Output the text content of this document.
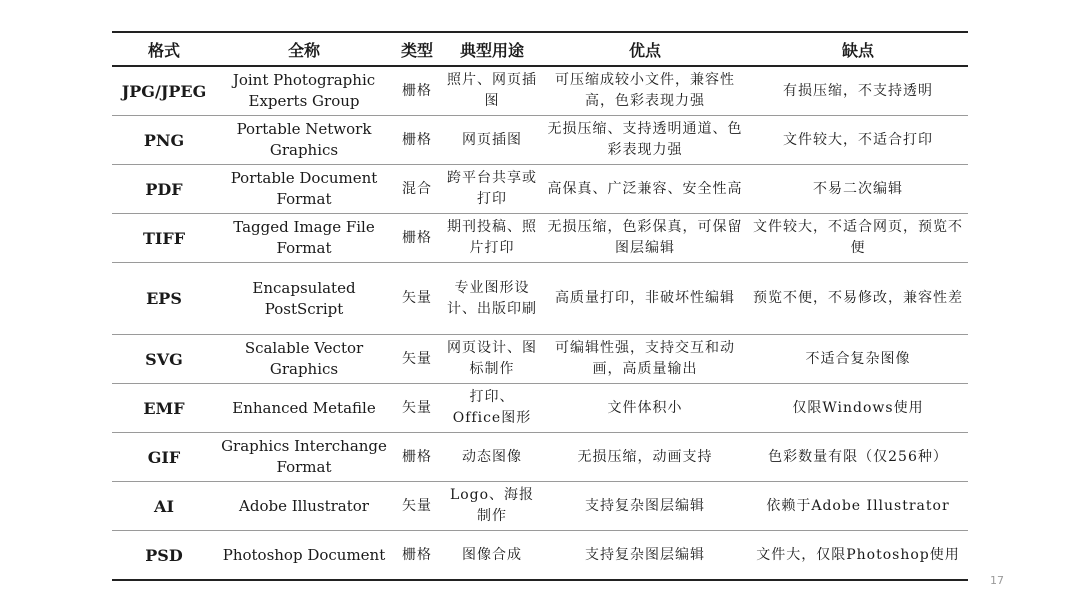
格式	全称	类型	典型用途	优点	缺点
JPG/JPEG	Joint Photographic Experts Group	栅格	照片、网页插图	可压缩成较小文件，兼容性高，色彩表现力强	有损压缩，不支持透明
PNG	Portable Network Graphics	栅格	网页插图	无损压缩、支持透明通道、色彩表现力强	文件较大，不适合打印
PDF	Portable Document Format	混合	跨平台共享或打印	高保真、广泛兼容、安全性高	不易二次编辑
TIFF	Tagged Image File Format	栅格	期刊投稿、照片打印	无损压缩，色彩保真，可保留图层编辑	文件较大，不适合网页，预览不便
EPS	Encapsulated PostScript	矢量	专业图形设计、出版印刷	高质量打印，非破坏性编辑	预览不便，不易修改，兼容性差
SVG	Scalable Vector Graphics	矢量	网页设计、图标制作	可编辑性强，支持交互和动画，高质量输出	不适合复杂图像
EMF	Enhanced Metafile	矢量	打印、Office图形	文件体积小	仅限Windows使用
GIF	Graphics Interchange Format	栅格	动态图像	无损压缩，动画支持	色彩数量有限（仅256种）
AI	Adobe Illustrator	矢量	Logo、海报制作	支持复杂图层编辑	依赖于Adobe Illustrator
PSD	Photoshop Document	栅格	图像合成	支持复杂图层编辑	文件大，仅限Photoshop使用
17
